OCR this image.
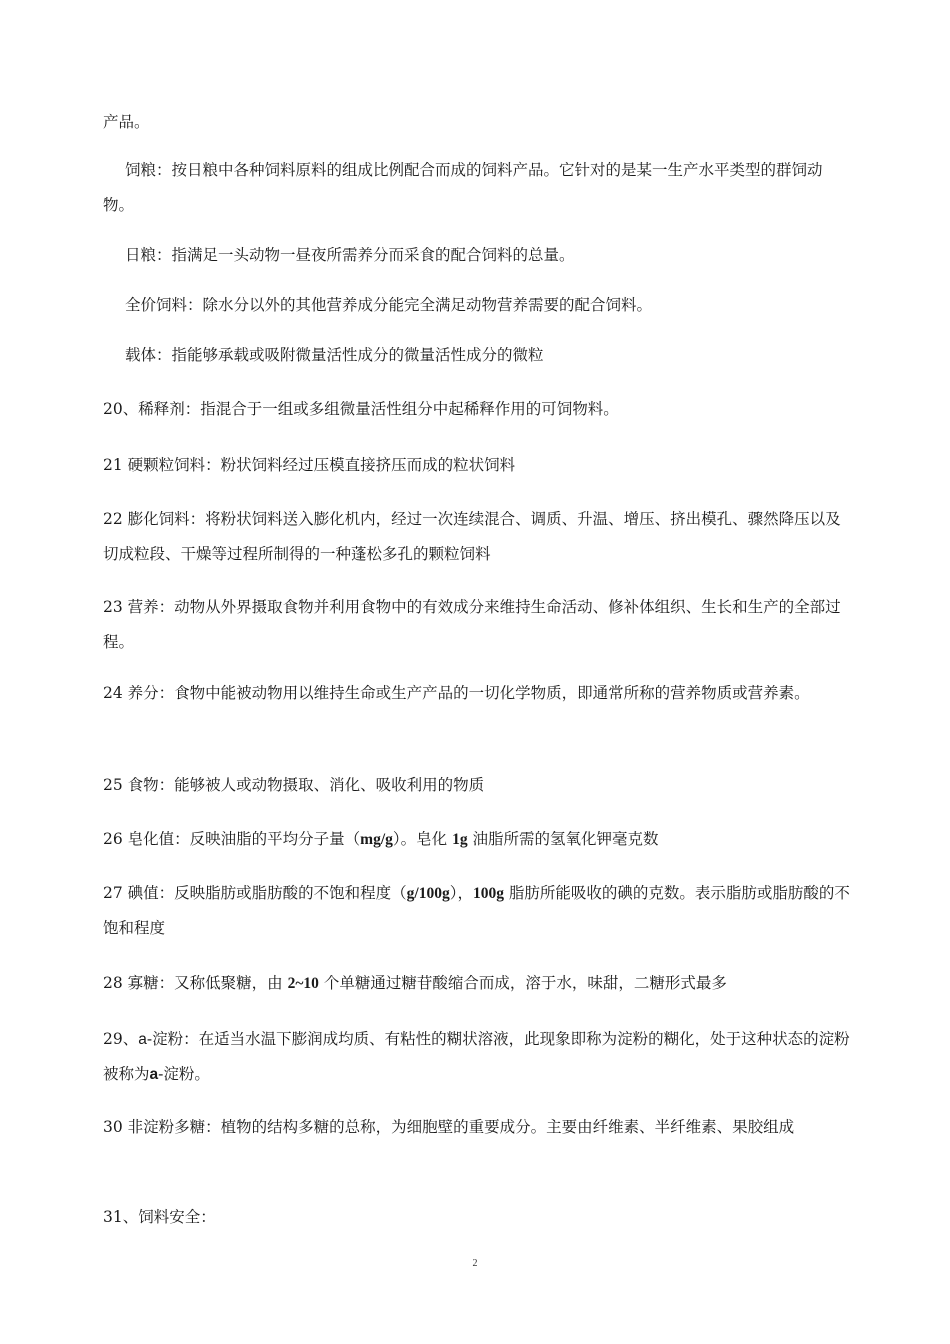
产品。

饲粮：按日粮中各种饲料原料的组成比例配合而成的饲料产品。它针对的是某一生产水平类型的群饲动物。

日粮：指满足一头动物一昼夜所需养分而采食的配合饲料的总量。

全价饲料：除水分以外的其他营养成分能完全满足动物营养需要的配合饲料。

载体：指能够承载或吸附微量活性成分的微量活性成分的微粒

20、稀释剂：指混合于一组或多组微量活性组分中起稀释作用的可饲物料。

21 硬颗粒饲料：粉状饲料经过压模直接挤压而成的粒状饲料

22 膨化饲料：将粉状饲料送入膨化机内，经过一次连续混合、调质、升温、增压、挤出模孔、骤然降压以及切成粒段、干燥等过程所制得的一种蓬松多孔的颗粒饲料

23 营养：动物从外界摄取食物并利用食物中的有效成分来维持生命活动、修补体组织、生长和生产的全部过程。

24 养分：食物中能被动物用以维持生命或生产产品的一切化学物质，即通常所称的营养物质或营养素。

25 食物：能够被人或动物摄取、消化、吸收利用的物质

26 皂化值：反映油脂的平均分子量（mg/g）。皂化 1g 油脂所需的氢氧化钾毫克数

27 碘值：反映脂肪或脂肪酸的不饱和程度（g/100g），100g 脂肪所能吸收的碘的克数。表示脂肪或脂肪酸的不饱和程度

28 寡糖：又称低聚糖，由 2~10 个单糖通过糖苷酸缩合而成，溶于水，味甜，二糖形式最多

29、a-淀粉：在适当水温下膨润成均质、有粘性的糊状溶液，此现象即称为淀粉的糊化，处于这种状态的淀粉被称为a-淀粉。

30 非淀粉多糖：植物的结构多糖的总称，为细胞壁的重要成分。主要由纤维素、半纤维素、果胶组成

31、饲料安全：

2
